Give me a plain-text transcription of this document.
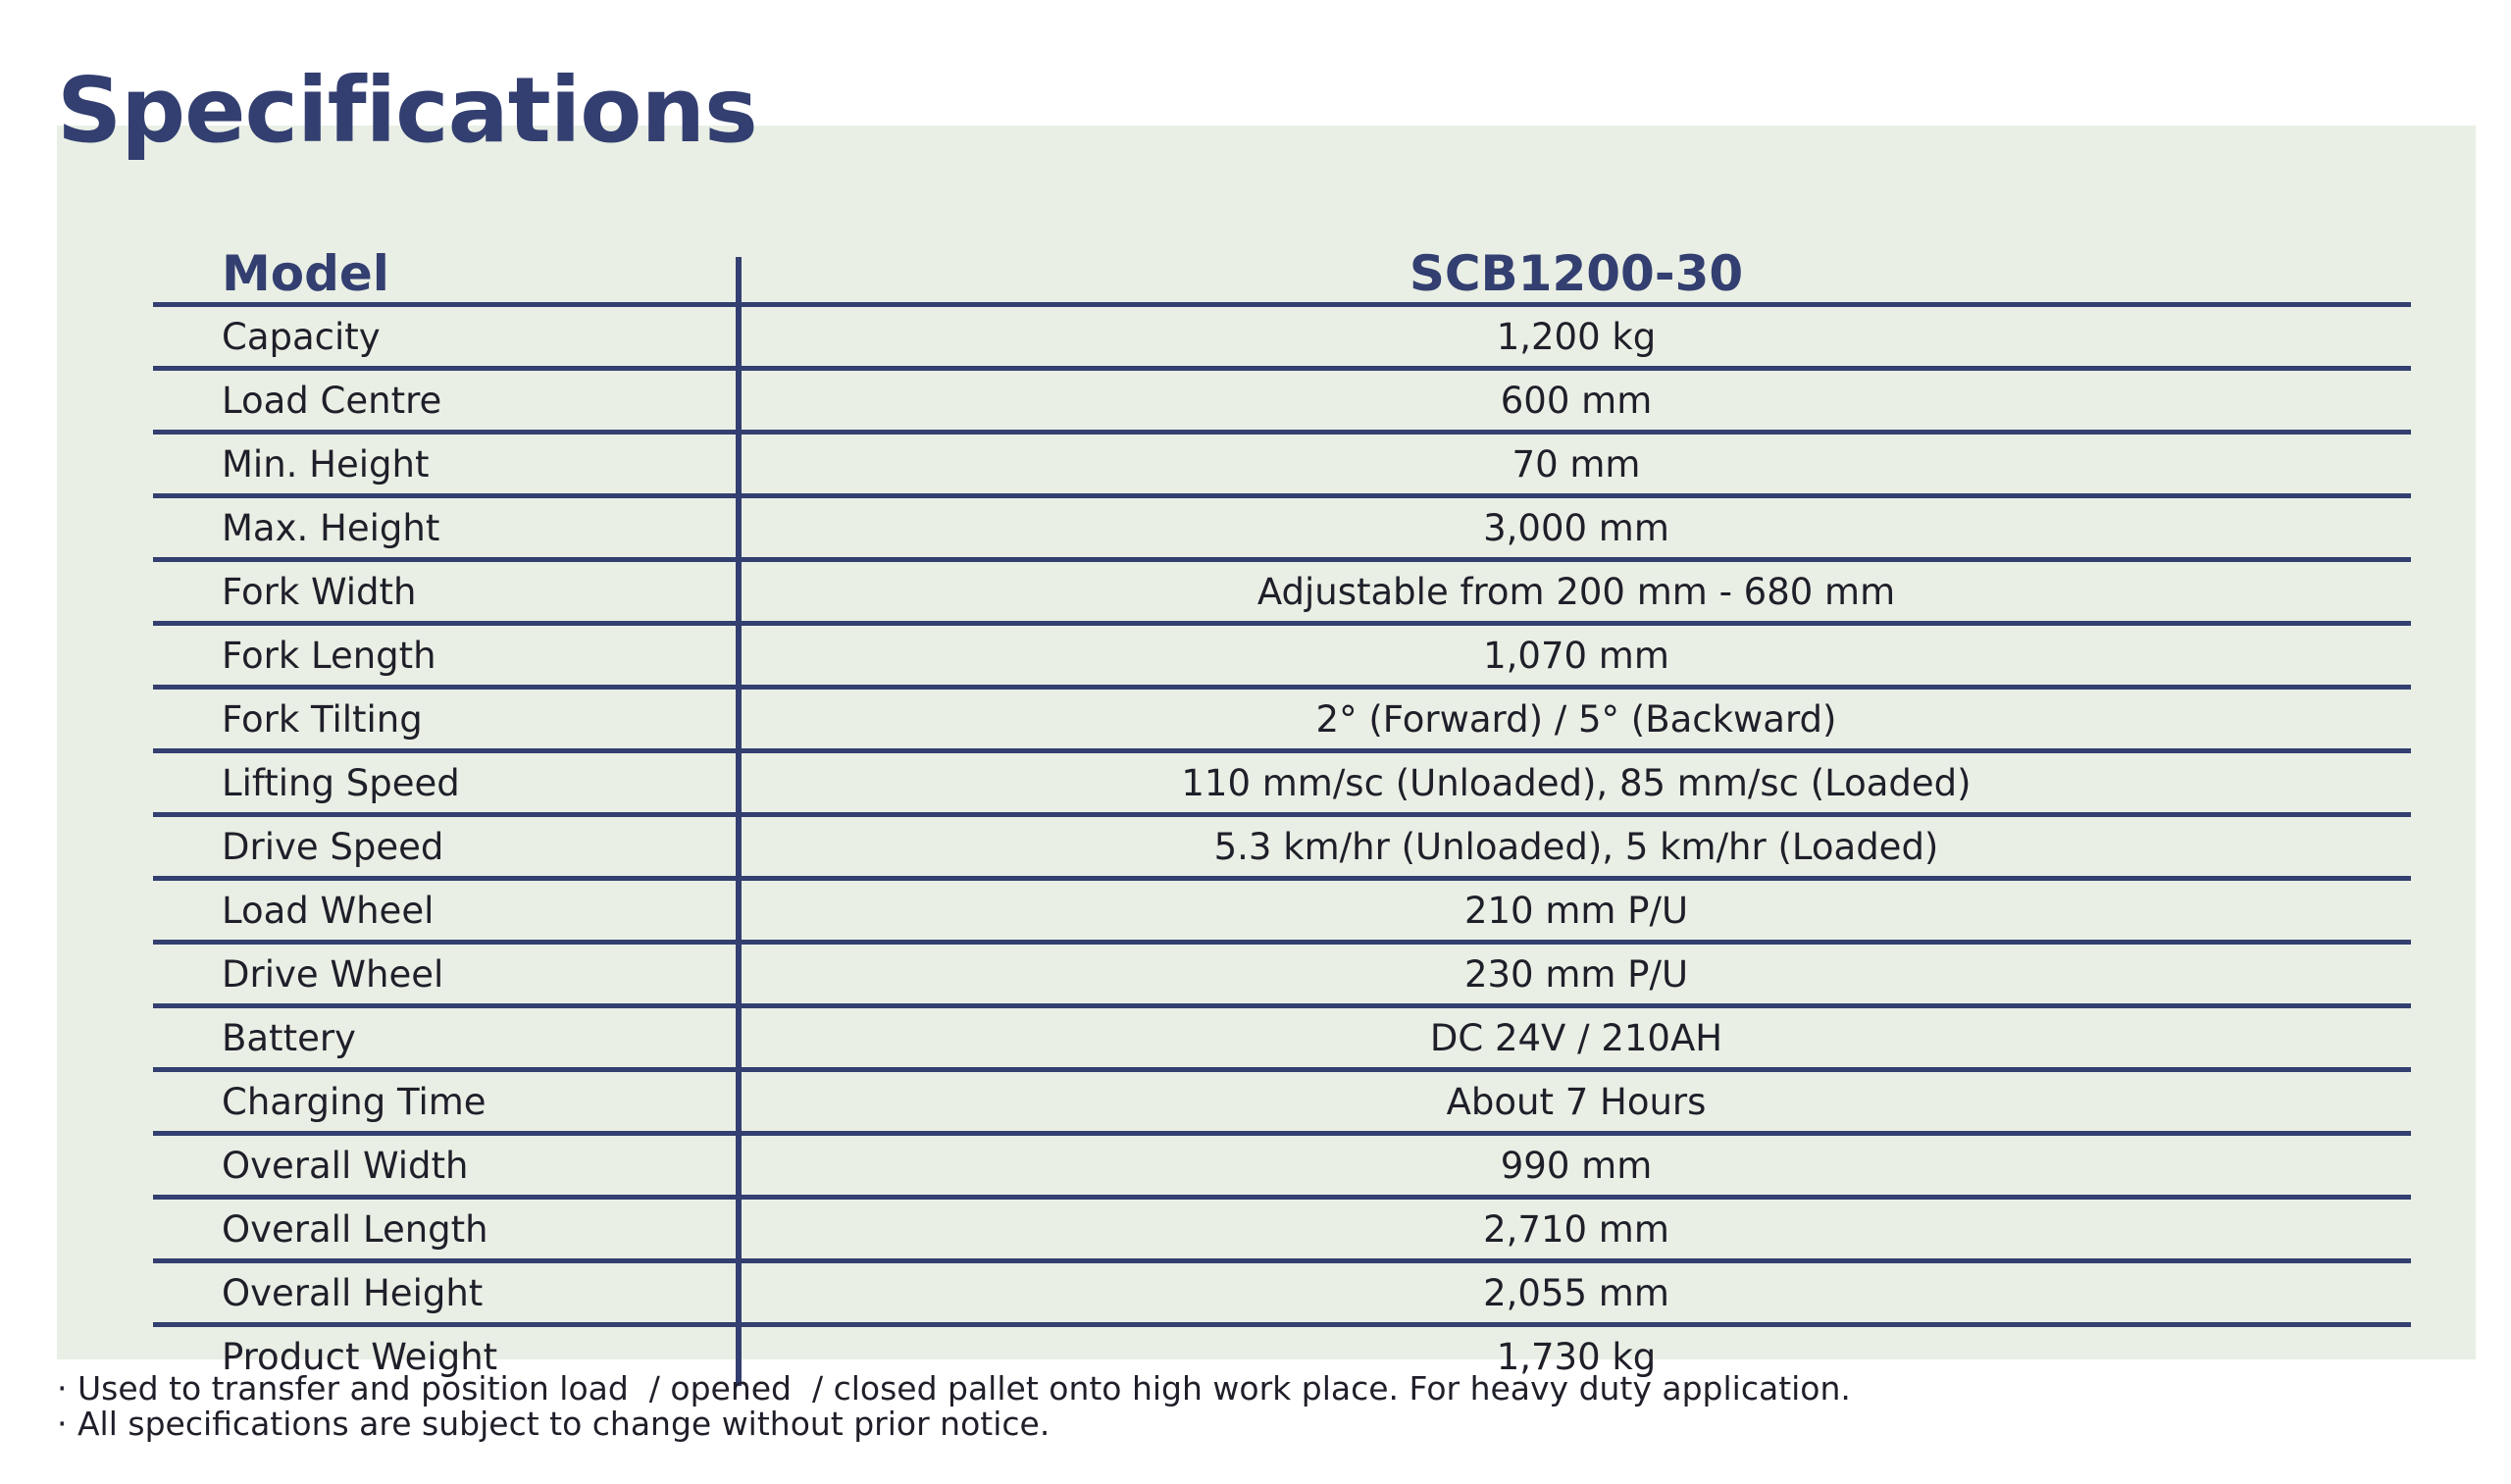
Specifications
Model	SCB1200-30
Capacity	1,200 kg
Load Centre	600 mm
Min. Height	70 mm
Max. Height	3,000 mm
Fork Width	Adjustable from 200 mm - 680 mm
Fork Length	1,070 mm
Fork Tilting	2° (Forward) / 5° (Backward)
Lifting Speed	110 mm/sc (Unloaded), 85 mm/sc (Loaded)
Drive Speed	5.3 km/hr (Unloaded), 5 km/hr (Loaded)
Load Wheel	210 mm P/U
Drive Wheel	230 mm P/U
Battery	DC 24V / 210AH
Charging Time	About 7 Hours
Overall Width	990 mm
Overall Length	2,710 mm
Overall Height	2,055 mm
Product Weight	1,730 kg
· Used to transfer and position load  / opened  / closed pallet onto high work place. For heavy duty application.
· All specifications are subject to change without prior notice.
